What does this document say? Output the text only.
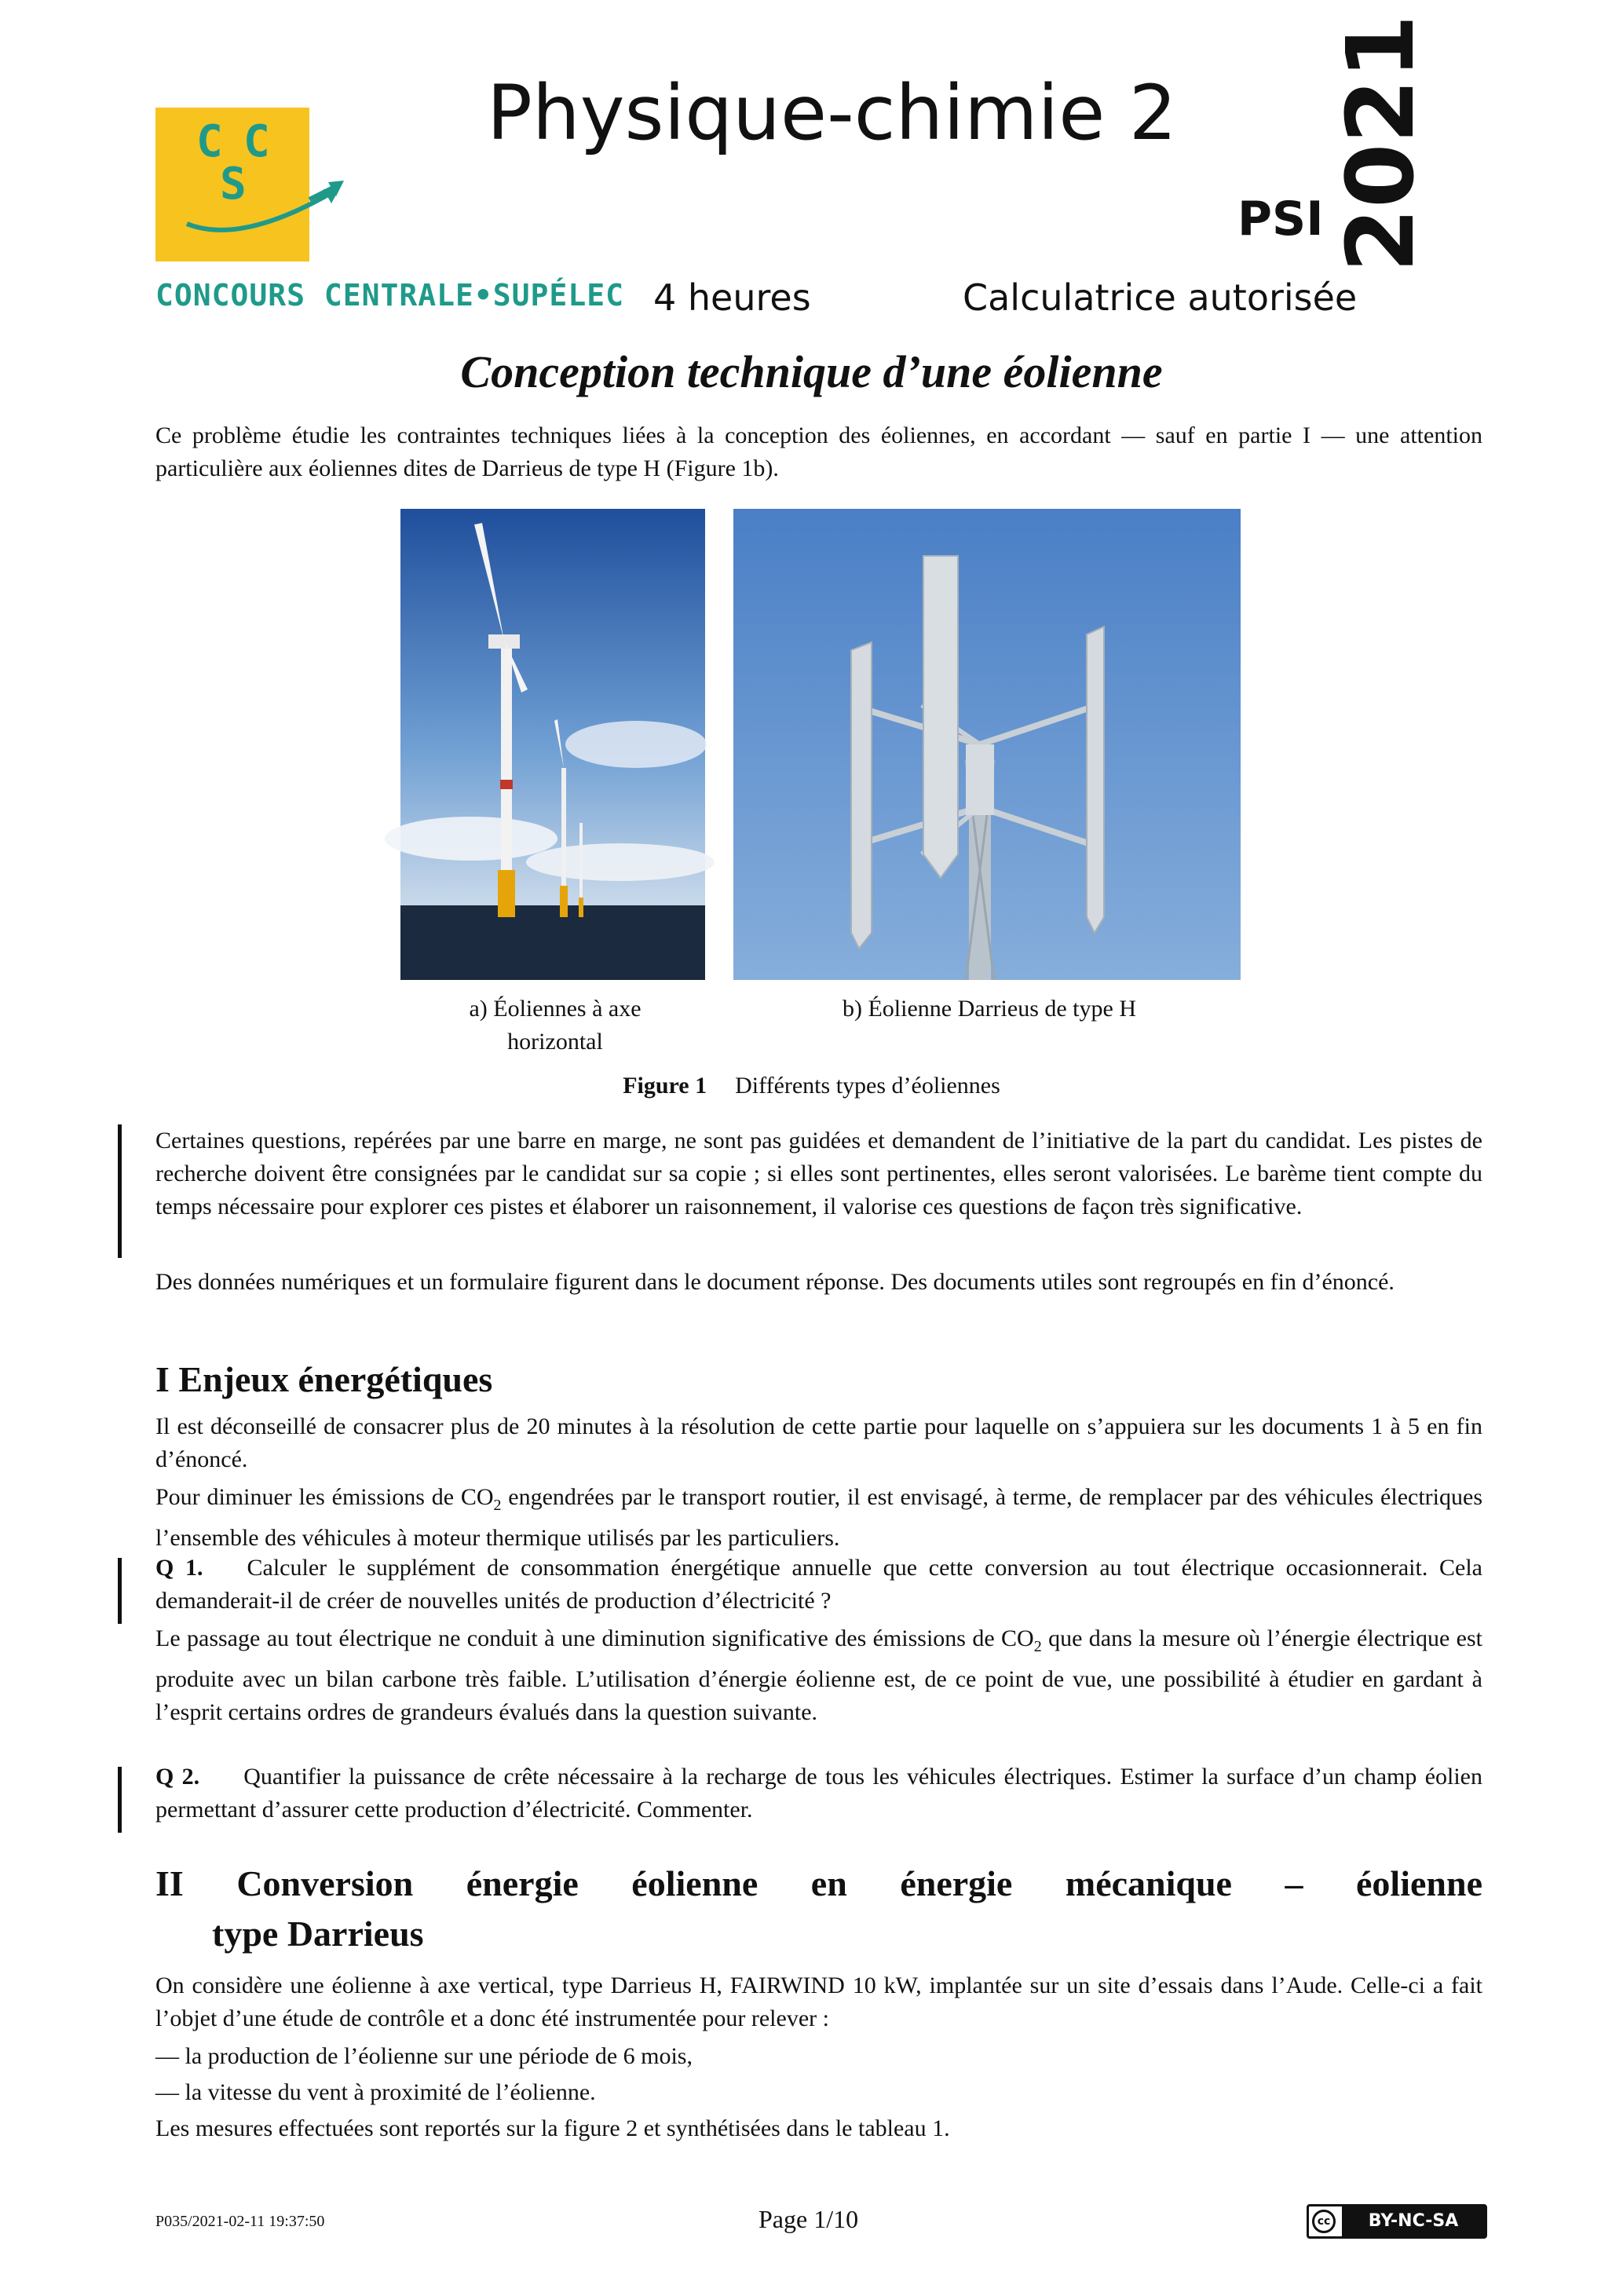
C C
S
CONCOURS CENTRALE•SUPÉLEC
Physique-chimie 2
PSI 2021
4 heures	Calculatrice autorisée
Conception technique d’une éolienne
Ce problème étudie les contraintes techniques liées à la conception des éoliennes, en accordant — sauf en partie I — une attention particulière aux éoliennes dites de Darrieus de type H (Figure 1b).
a) Éoliennes à axe horizontal
b) Éolienne Darrieus de type H
Figure 1 Différents types d’éoliennes
Certaines questions, repérées par une barre en marge, ne sont pas guidées et demandent de l’initiative de la part du candidat. Les pistes de recherche doivent être consignées par le candidat sur sa copie ; si elles sont pertinentes, elles seront valorisées. Le barème tient compte du temps nécessaire pour explorer ces pistes et élaborer un raisonnement, il valorise ces questions de façon très significative.
Des données numériques et un formulaire figurent dans le document réponse. Des documents utiles sont regroupés en fin d’énoncé.
I Enjeux énergétiques
Il est déconseillé de consacrer plus de 20 minutes à la résolution de cette partie pour laquelle on s’appuiera sur les documents 1 à 5 en fin d’énoncé.
Pour diminuer les émissions de $CO_2$ engendrées par le transport routier, il est envisagé, à terme, de remplacer par des véhicules électriques l’ensemble des véhicules à moteur thermique utilisés par les particuliers.
Q 1. Calculer le supplément de consommation énergétique annuelle que cette conversion au tout électrique occasionnerait. Cela demanderait-il de créer de nouvelles unités de production d’électricité ?
Le passage au tout électrique ne conduit à une diminution significative des émissions de $CO_2$ que dans la mesure où l’énergie électrique est produite avec un bilan carbone très faible. L’utilisation d’énergie éolienne est, de ce point de vue, une possibilité à étudier en gardant à l’esprit certains ordres de grandeurs évalués dans la question suivante.
Q 2. Quantifier la puissance de crête nécessaire à la recharge de tous les véhicules électriques. Estimer la surface d’un champ éolien permettant d’assurer cette production d’électricité. Commenter.
II Conversion énergie éolienne en énergie mécanique – éolienne
type Darrieus
On considère une éolienne à axe vertical, type Darrieus H, FAIRWIND 10 kW, implantée sur un site d’essais dans l’Aude. Celle-ci a fait l’objet d’une étude de contrôle et a donc été instrumentée pour relever :
— la production de l’éolienne sur une période de 6 mois,
— la vitesse du vent à proximité de l’éolienne.
Les mesures effectuées sont reportés sur la figure 2 et synthétisées dans le tableau 1.
P035/2021-02-11 19:37:50	Page 1/10	cc	BY-NC-SA
